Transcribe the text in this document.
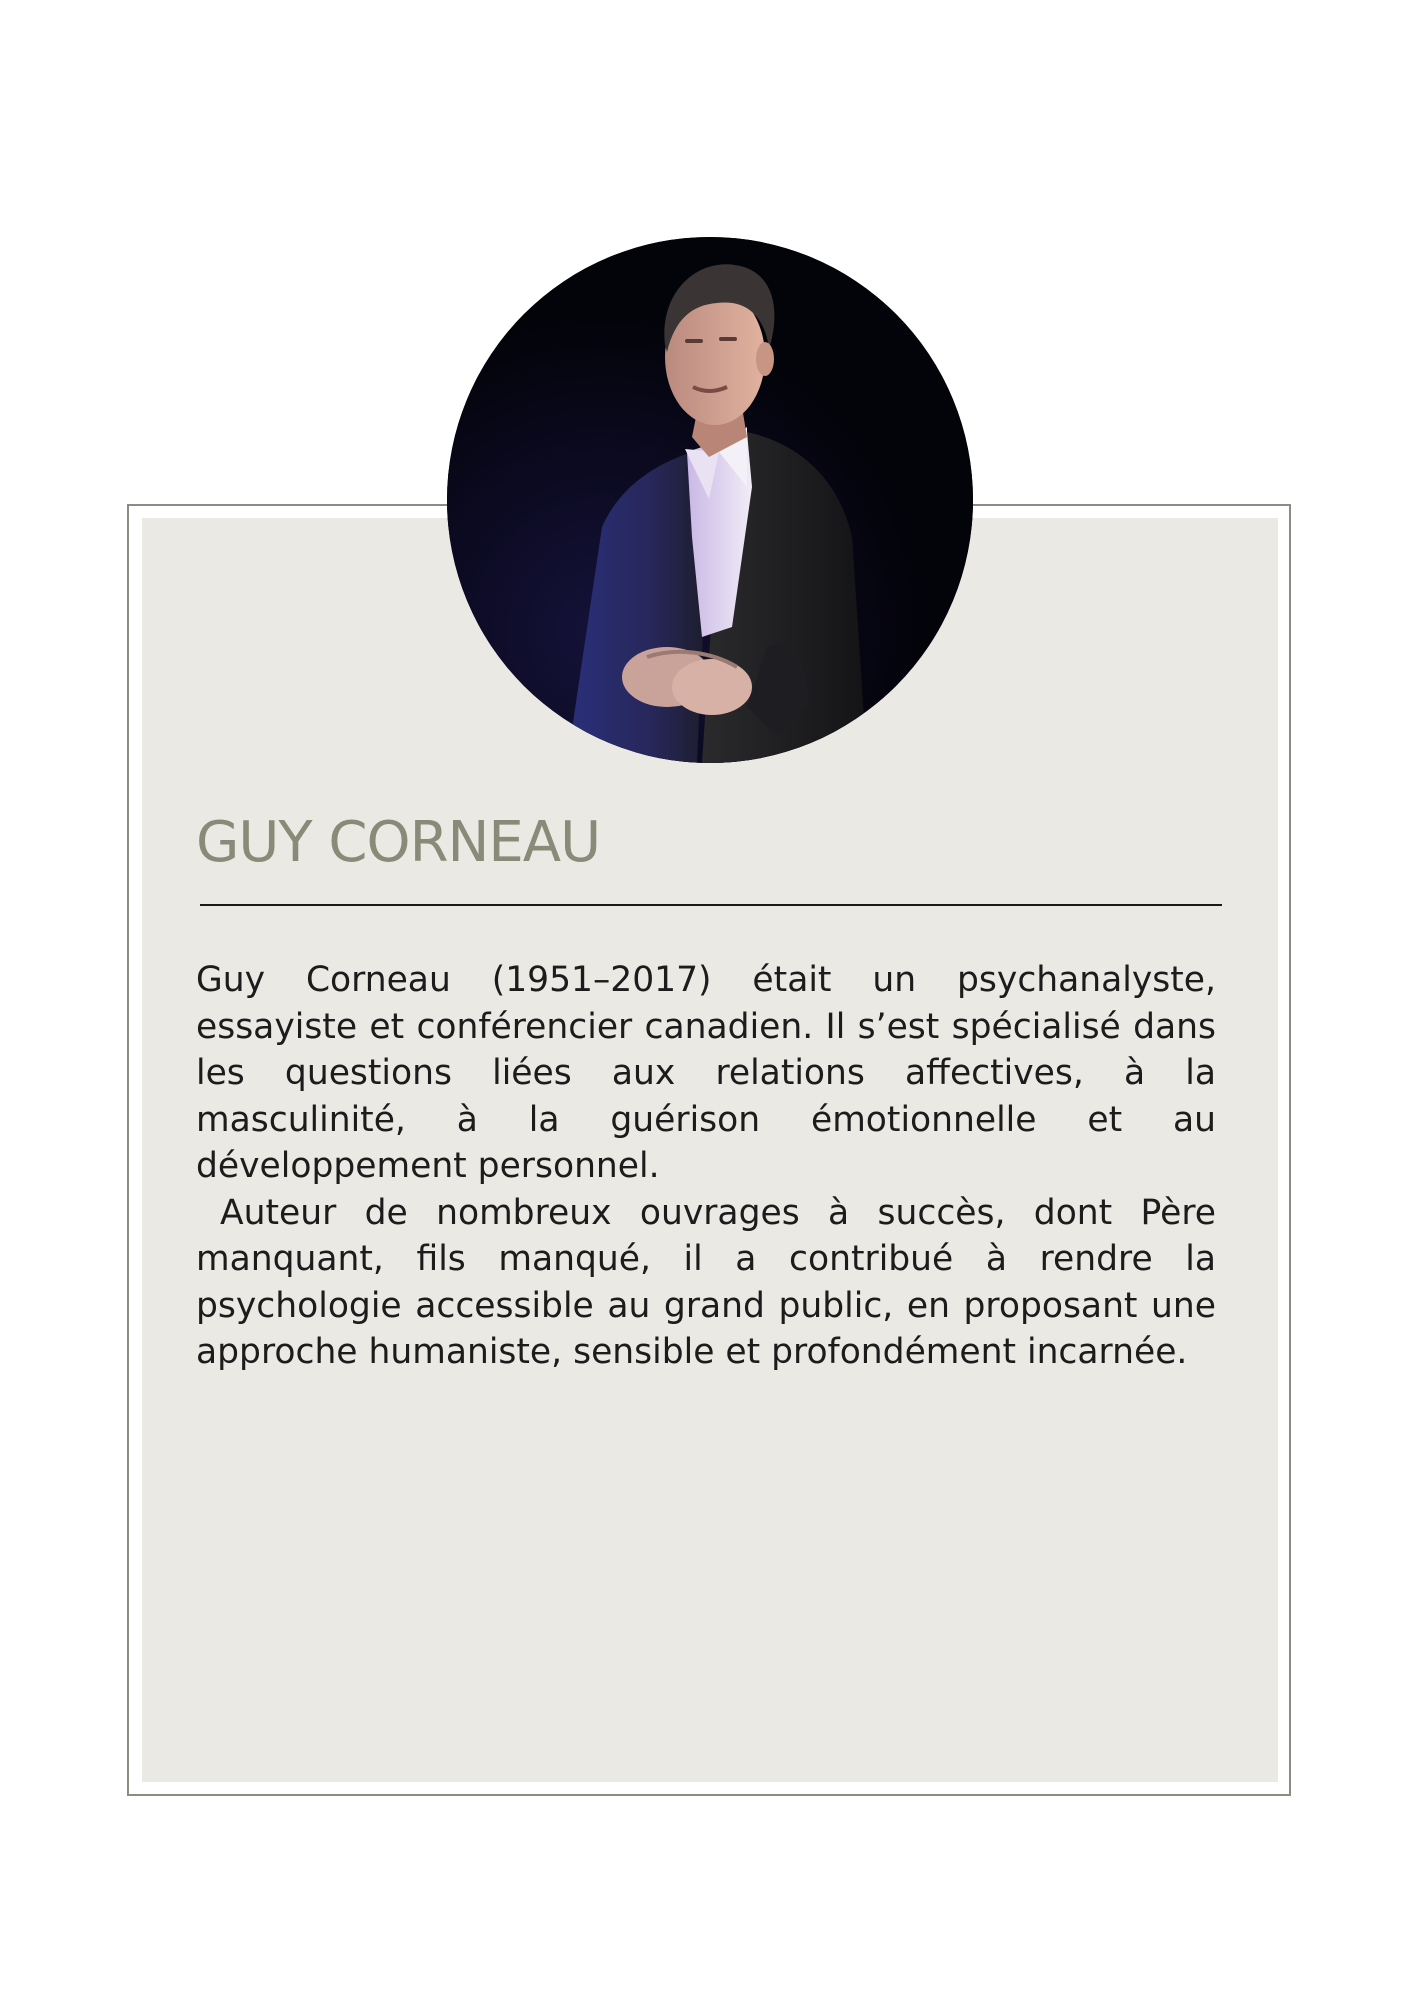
GUY CORNEAU

Guy Corneau (1951–2017) était un psychanalyste, essayiste et conférencier canadien. Il s’est spécialisé dans les questions liées aux relations affectives, à la masculinité, à la guérison émotionnelle et au développement personnel.

Auteur de nombreux ouvrages à succès, dont Père manquant, fils manqué, il a contribué à rendre la psychologie accessible au grand public, en proposant une approche humaniste, sensible et profondément incarnée.
